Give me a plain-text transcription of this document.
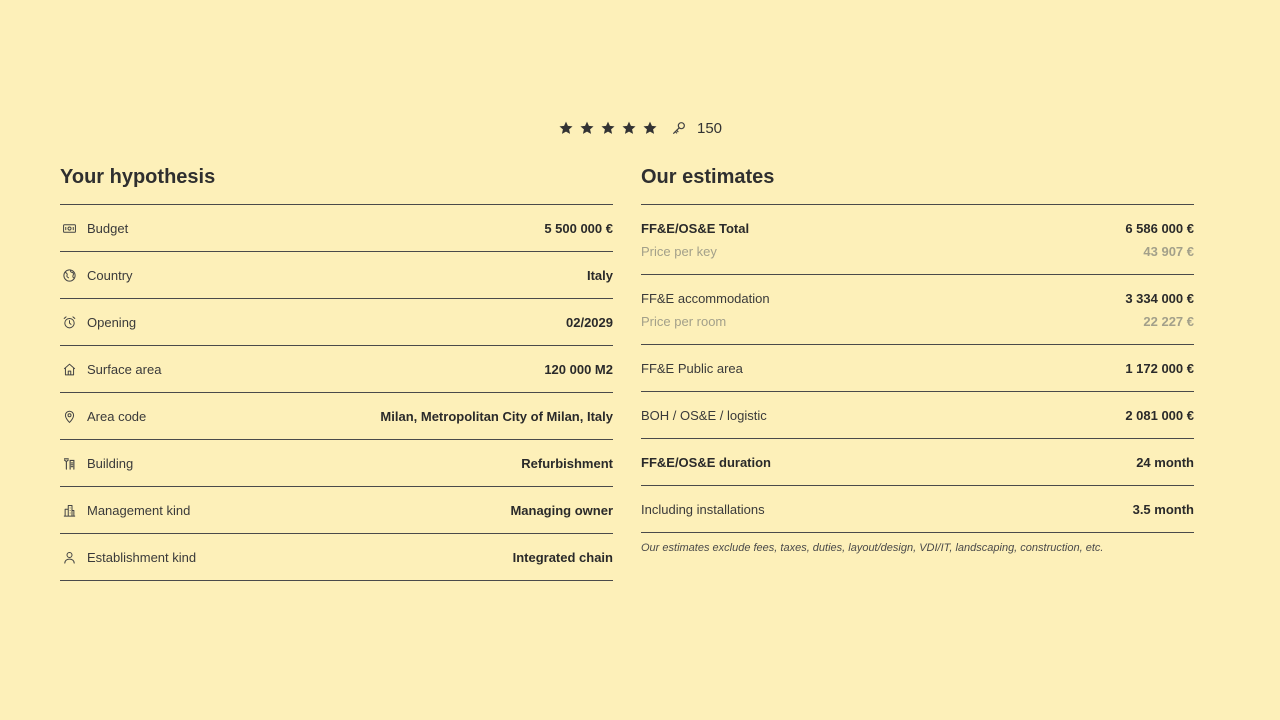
150
Your hypothesis
Budget	5 500 000 €
Country	Italy
Opening	02/2029
Surface area	120 000 M2
Area code	Milan, Metropolitan City of Milan, Italy
Building	Refurbishment
Management kind	Managing owner
Establishment kind	Integrated chain
Our estimates
FF&E/OS&E Total	6 586 000 €
Price per key	43 907 €
FF&E accommodation	3 334 000 €
Price per room	22 227 €
FF&E Public area	1 172 000 €
BOH / OS&E / logistic	2 081 000 €
FF&E/OS&E duration	24 month
Including installations	3.5 month
Our estimates exclude fees, taxes, duties, layout/design, VDI/IT, landscaping, construction, etc.
